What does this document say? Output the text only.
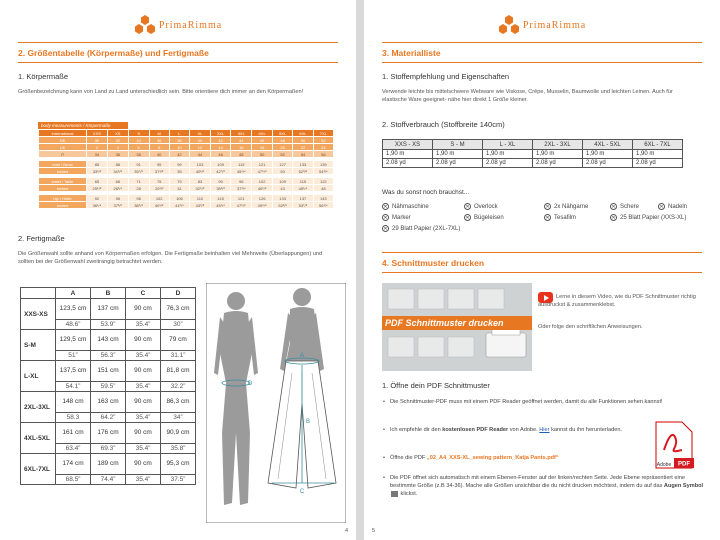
PrimaRimma
2. Größentabelle (Körpermaße) und Fertigmaße
1. Körpermaße
Größenbezeichnung kann von Land zu Land unterschiedlich sein. Bitte orientiere dich immer an den Körpermaßen!
body measurements / Körpermaße
international	XXS	XS	S	M	L	XL	2XL	3XL	4XL	5XL	6XL	7XL
DE	30	32	34	36	38	40	42	44	46	48	50	52
UK	2	4	6	8	10	12	14	16	18	20	22	24
IT	34	36	38	40	42	44	46	48	50	52	54	56

bust / Brust	85	88	91	95	99	103	109	115	121	127	133	139
inches	33¹/²	34⁵/⁸	35⁷/⁸	37³/⁸	39	40¹/²	42⁷/⁸	45¹/⁴	47⁵/⁸	50	52³/⁸	54³/⁴

waist / Taille	65	68	71	75	79	83	90	96	102	109	115	122
inches	25⁵/⁸	26³/⁴	28	29¹/²	31	32⁵/⁸	35³/⁸	37³/⁴	40¹/⁸	43	45¹/⁴	48

hip / Hüfte	92	95	98	102	106	110	115	121	126	133	137	143
inches	36¹/⁴	37³/⁸	38⁵/⁸	40¹/⁸	41³/⁴	43³/⁸	45¹/⁴	47⁵/⁸	49⁵/⁸	52³/⁸	53⁷/⁸	56¹/⁴
2. Fertigmaße
Die Größenwahl sollte anhand von Körpermaßen erfolgen. Die Fertigmaße beinhalten viel Mehrweite (Überlappungen) und sollten bei der Größenwahl zweitrangig betrachtet werden.
	A	B	C	D
XXS-XS	123,5 cm	137 cm	90 cm	76,3 cm
	48.6”	53.9”	35.4”	30”
S-M	129,5 cm	143 cm	90 cm	79 cm
	51”	56.3”	35.4”	31.1”
L-XL	137,5 cm	151 cm	90 cm	81,8 cm
	54.1”	59.5”	35.4”	32.2”
2XL-3XL	148 cm	163 cm	90 cm	86,3 cm
	58.3	64.2”	35.4”	34”
4XL-5XL	161 cm	176 cm	90 cm	90,9 cm
	63.4”	69.3”	35.4”	35.8”
6XL-7XL	174 cm	189 cm	90 cm	95,3 cm
	68.5”	74.4”	35.4”	37.5”
A
B
C
D
4
PrimaRimma
3. Materialliste
1. Stoffempfehlung und Eigenschaften
Verwende leichte bis mittelschwere Webware wie Viskose, Crêpe, Musselin, Baumwolle und leichten Leinen. Auch für elastische Ware geeignet- nähe hier direkt 1 Größe kleiner.
2. Stoffverbrauch (Stoffbreite 140cm)
XXS - XS	S - M	L - XL	2XL - 3XL	4XL - 5XL	6XL - 7XL
1,90 m	1,90 m	1,90 m	1,90 m	1,90 m	1,90 m
2.08 yd	2.08 yd	2.08 yd	2.08 yd	2.08 yd	2.08 yd
Was du sonst noch brauchst...
✕ Nähmaschine	✕ Overlock	✕ 2x Nähgarne	✕ Schere	✕ Nadeln
✕ Marker	✕ Bügeleisen	✕ Tesafilm	✕ 25 Blatt Papier (XXS-XL)
✕ 29 Blatt Papier (2XL-7XL)
4. Schnittmuster drucken
PDF Schnittmuster drucken
Lerne in diesem Video, wie du PDF Schnittmuster richtig ausdruckst & zusammenklebst.
Oder folge den schriftlichen Anweisungen.
1. Öffne dein PDF Schnittmuster
• Die Schnittmuster-PDF muss mit einem PDF Reader geöffnet werden, damit du alle Funktionen sehen kannst!
• Ich empfehle dir den kostenlosen PDF Reader von Adobe. Hier kannst du ihn herunterladen.
• Öffne die PDF „02_A4_XXS-XL_sewing pattern_Katja Pants.pdf“
• Die PDF öffnet sich automatisch mit einem Ebenen-Fenster auf der linken/rechten Seite. Jede Ebene repräsentiert eine bestimmte Größe (z.B 34-36). Mache alle Größen unsichtbar die du nicht drucken möchtest, indem du auf das Augen Symbol klickst.
PDF
Adobe
5
